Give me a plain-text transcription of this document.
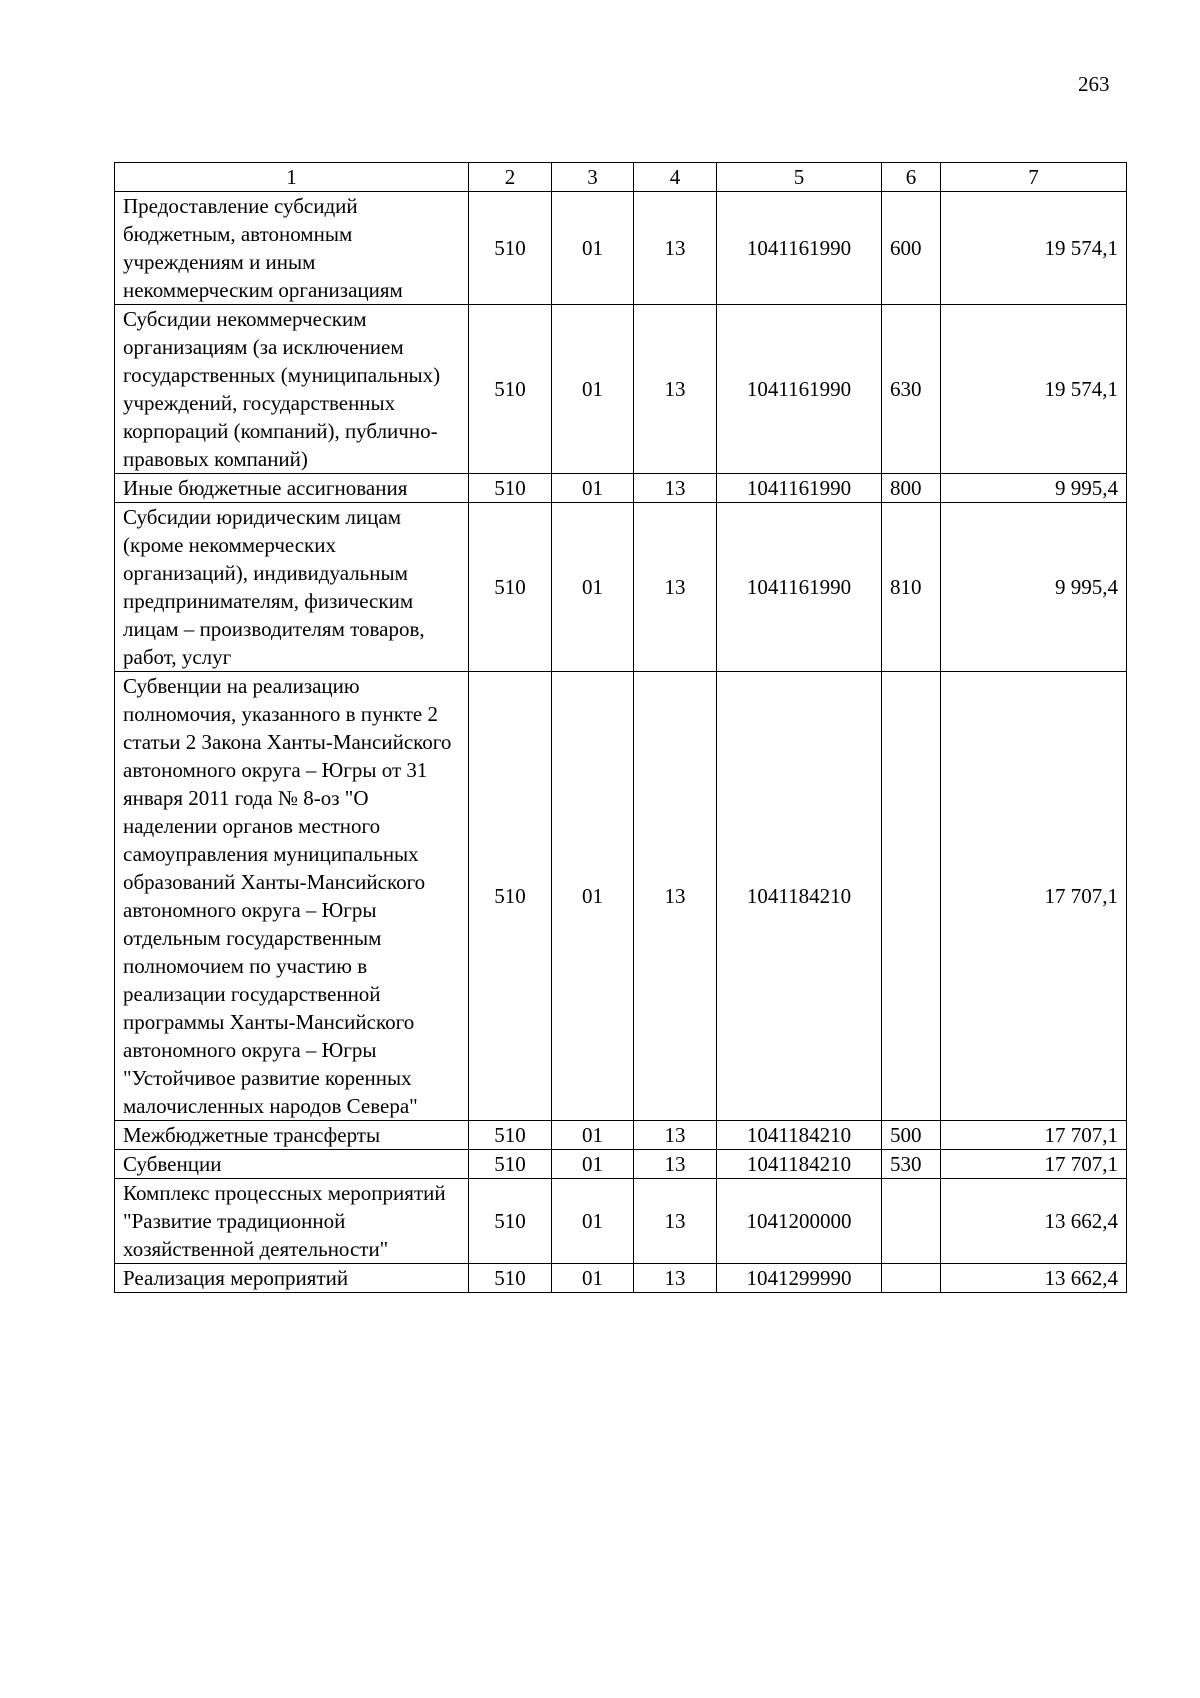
263
1	2	3	4	5	6	7
Предоставление субсидий бюджетным, автономным учреждениям и иным некоммерческим организациям	510	01	13	1041161990	600	19 574,1
Субсидии некоммерческим организациям (за исключением государственных (муниципальных) учреждений, государственных корпораций (компаний), публично-правовых компаний)	510	01	13	1041161990	630	19 574,1
Иные бюджетные ассигнования	510	01	13	1041161990	800	9 995,4
Субсидии юридическим лицам (кроме некоммерческих организаций), индивидуальным предпринимателям, физическим лицам – производителям товаров, работ, услуг	510	01	13	1041161990	810	9 995,4
Субвенции на реализацию полномочия, указанного в пункте 2 статьи 2 Закона Ханты-Мансийского автономного округа – Югры от 31 января 2011 года № 8-оз "О наделении органов местного самоуправления муниципальных образований Ханты-Мансийского автономного округа – Югры отдельным государственным полномочием по участию в реализации государственной программы Ханты-Мансийского автономного округа – Югры "Устойчивое развитие коренных малочисленных народов Севера"	510	01	13	1041184210		17 707,1
Межбюджетные трансферты	510	01	13	1041184210	500	17 707,1
Субвенции	510	01	13	1041184210	530	17 707,1
Комплекс процессных мероприятий "Развитие традиционной хозяйственной деятельности"	510	01	13	1041200000		13 662,4
Реализация мероприятий	510	01	13	1041299990		13 662,4
